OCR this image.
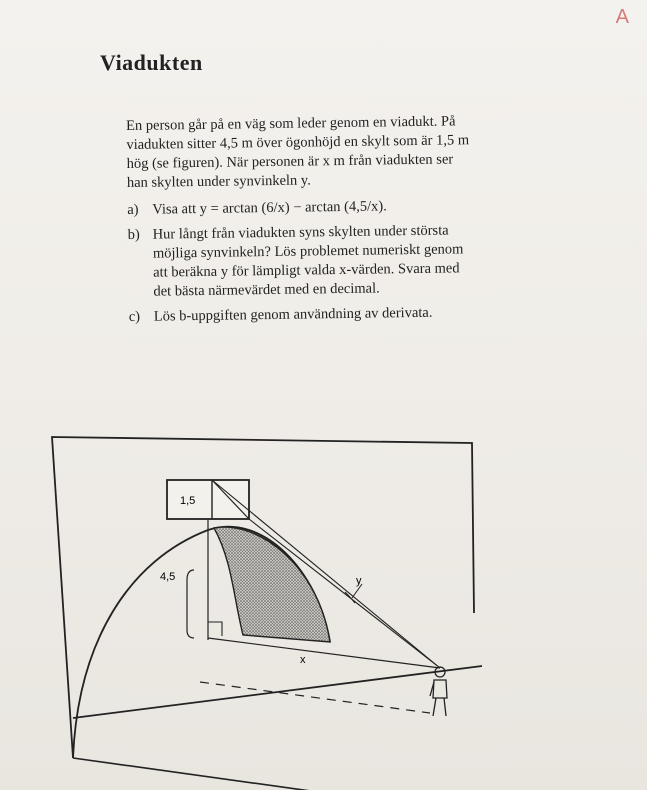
A
Viadukten

En person går på en väg som leder genom en viadukt. På viadukten sitter 4,5 m över ögonhöjd en skylt som är 1,5 m hög (se figuren). När personen är x m från viadukten ser han skylten under synvinkeln y.

a) Visa att y = arctan (6/x) − arctan (4,5/x).
b) Hur långt från viadukten syns skylten under största möjliga synvinkeln? Lös problemet numeriskt genom att beräkna y för lämpligt valda x-värden. Svara med det bästa närmevärdet med en decimal.
c) Lös b-uppgiften genom användning av derivata.
1,5
4,5	y
x
